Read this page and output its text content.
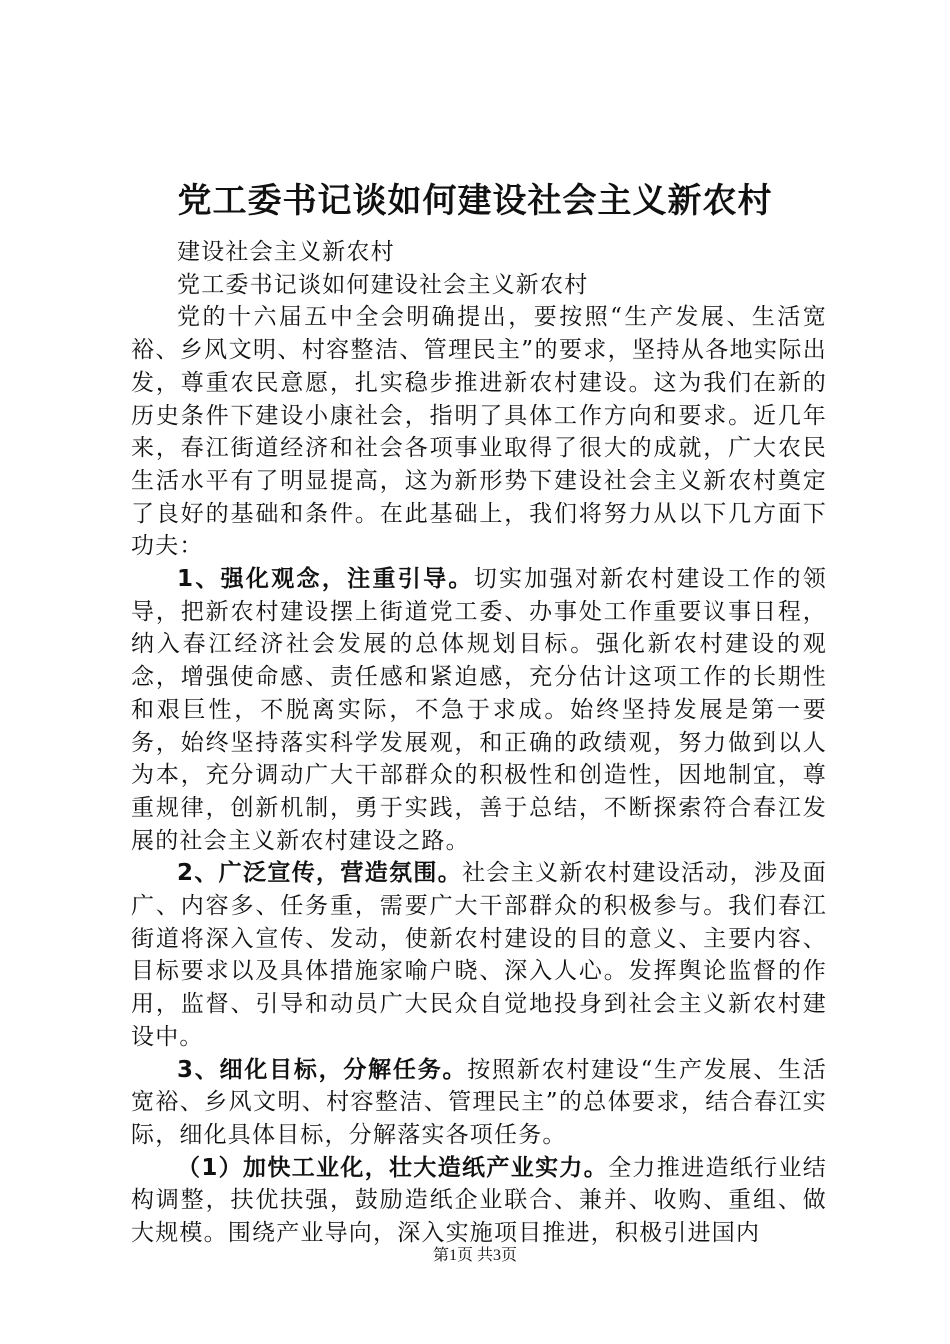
党工委书记谈如何建设社会主义新农村

建设社会主义新农村

党工委书记谈如何建设社会主义新农村

党的十六届五中全会明确提出，要按照“生产发展、生活宽裕、乡风文明、村容整洁、管理民主”的要求，坚持从各地实际出发，尊重农民意愿，扎实稳步推进新农村建设。这为我们在新的历史条件下建设小康社会，指明了具体工作方向和要求。近几年来，春江街道经济和社会各项事业取得了很大的成就，广大农民生活水平有了明显提高，这为新形势下建设社会主义新农村奠定了良好的基础和条件。在此基础上，我们将努力从以下几方面下功夫：

1、强化观念，注重引导。切实加强对新农村建设工作的领导，把新农村建设摆上街道党工委、办事处工作重要议事日程，纳入春江经济社会发展的总体规划目标。强化新农村建设的观念，增强使命感、责任感和紧迫感，充分估计这项工作的长期性和艰巨性，不脱离实际，不急于求成。始终坚持发展是第一要务，始终坚持落实科学发展观，和正确的政绩观，努力做到以人为本，充分调动广大干部群众的积极性和创造性，因地制宜，尊重规律，创新机制，勇于实践，善于总结，不断探索符合春江发展的社会主义新农村建设之路。

2、广泛宣传，营造氛围。社会主义新农村建设活动，涉及面广、内容多、任务重，需要广大干部群众的积极参与。我们春江街道将深入宣传、发动，使新农村建设的目的意义、主要内容、目标要求以及具体措施家喻户晓、深入人心。发挥舆论监督的作用，监督、引导和动员广大民众自觉地投身到社会主义新农村建设中。

3、细化目标，分解任务。按照新农村建设“生产发展、生活宽裕、乡风文明、村容整洁、管理民主”的总体要求，结合春江实际，细化具体目标，分解落实各项任务。

（1）加快工业化，壮大造纸产业实力。全力推进造纸行业结构调整，扶优扶强，鼓励造纸企业联合、兼并、收购、重组、做大规模。围绕产业导向，深入实施项目推进，积极引进国内

第1页 共3页
